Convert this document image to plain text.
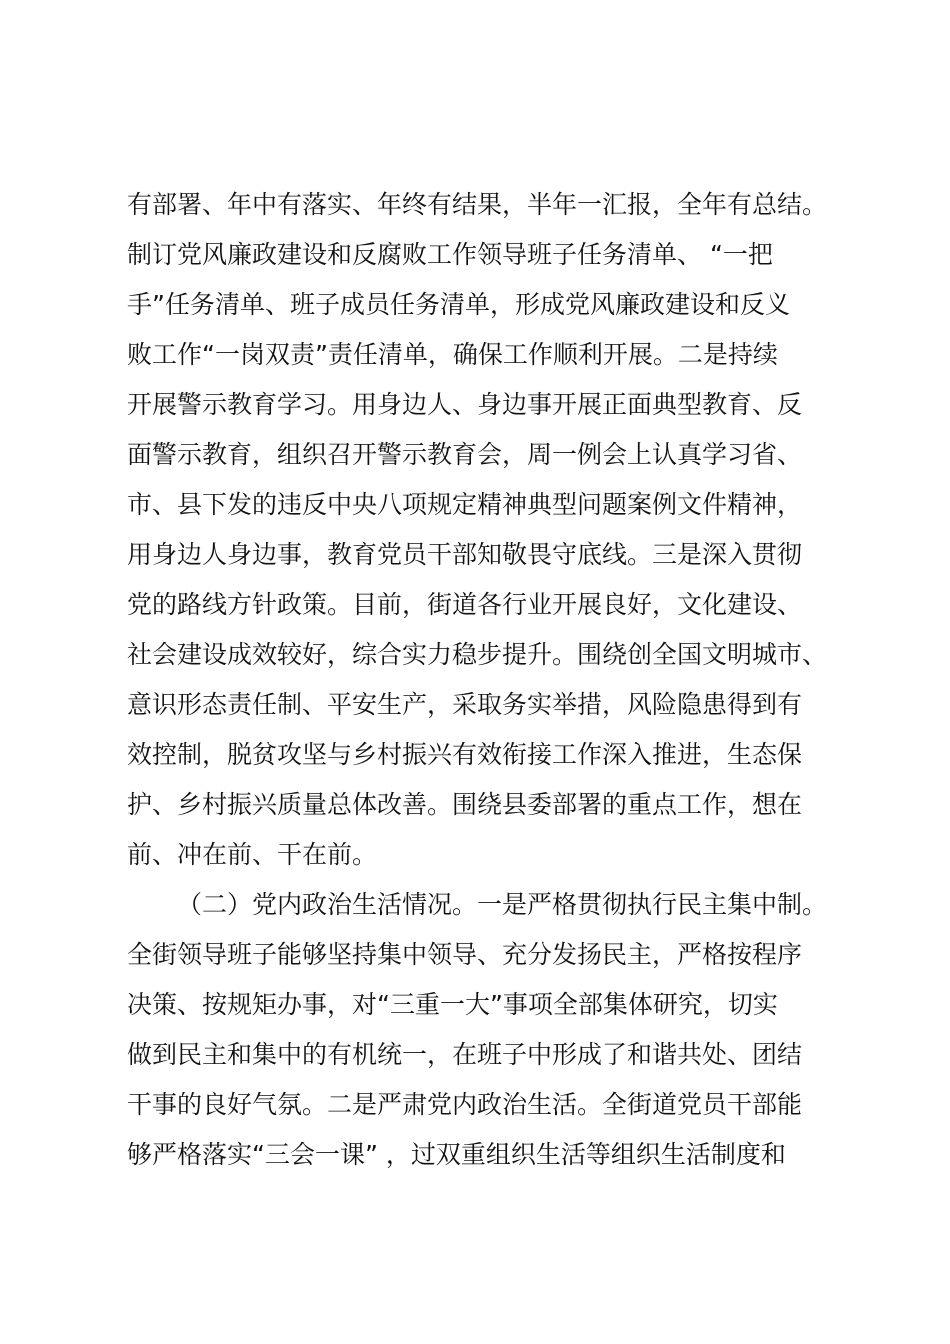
有部署、年中有落实、年终有结果，半年一汇报，全年有总结。
制订党风廉政建设和反腐败工作领导班子任务清单、 “一把
手”任务清单、班子成员任务清单，形成党风廉政建设和反义
败工作“一岗双责”责任清单，确保工作顺利开展。二是持续
开展警示教育学习。用身边人、身边事开展正面典型教育、反
面警示教育，组织召开警示教育会，周一例会上认真学习省、
市、县下发的违反中央八项规定精神典型问题案例文件精神，
用身边人身边事，教育党员干部知敬畏守底线。三是深入贯彻
党的路线方针政策。目前，街道各行业开展良好，文化建设、
社会建设成效较好，综合实力稳步提升。围绕创全国文明城市、
意识形态责任制、平安生产，采取务实举措，风险隐患得到有
效控制，脱贫攻坚与乡村振兴有效衔接工作深入推进，生态保
护、乡村振兴质量总体改善。围绕县委部署的重点工作，想在
前、冲在前、干在前。
（二）党内政治生活情况。一是严格贯彻执行民主集中制。
全街领导班子能够坚持集中领导、充分发扬民主，严格按程序
决策、按规矩办事，对“三重一大”事项全部集体研究，切实
做到民主和集中的有机统一，在班子中形成了和谐共处、团结
干事的良好气氛。二是严肃党内政治生活。全街道党员干部能
够严格落实“三会一课” ，过双重组织生活等组织生活制度和
